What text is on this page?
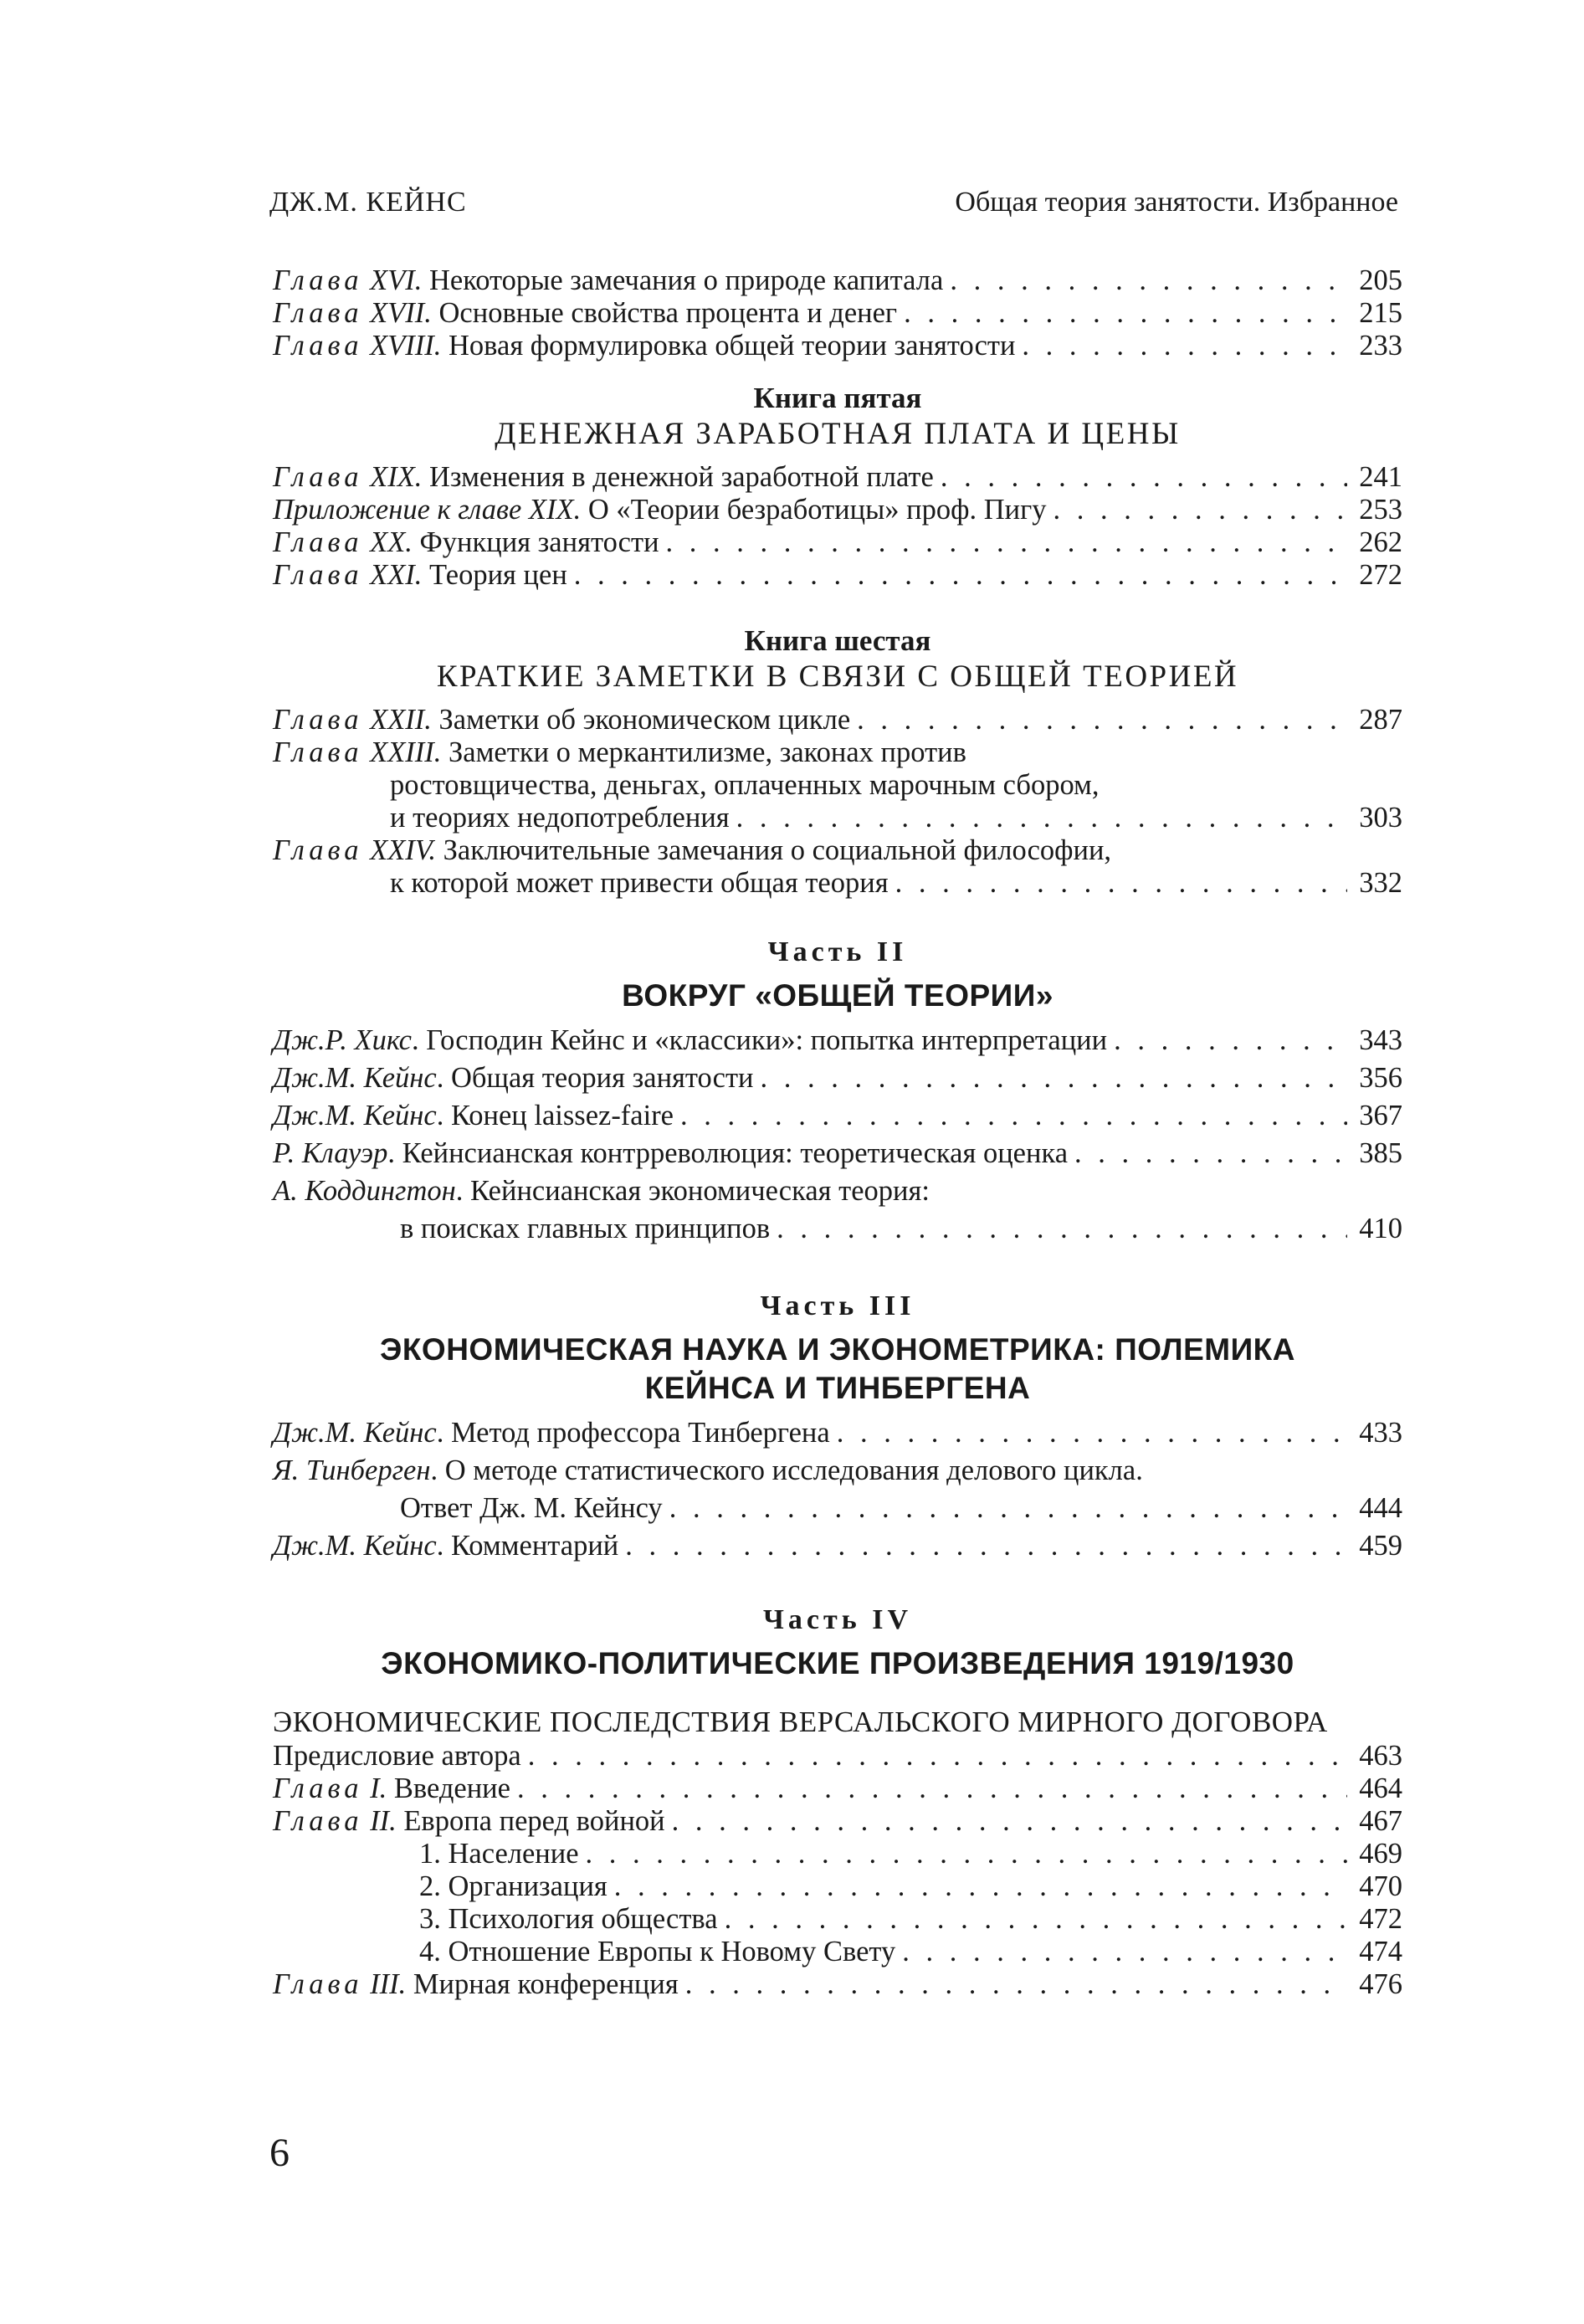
ДЖ.М. КЕЙНС	Общая теория занятости. Избранное
Глава XVI.
Некоторые замечания о природе капитала . . .	205
Глава XVII.
Основные свойства процента и денег . . .	215
Глава XVIII.
Новая формулировка общей теории занятости . . .	233
Книга пятая
ДЕНЕЖНАЯ ЗАРАБОТНАЯ ПЛАТА И ЦЕНЫ
Глава XIX.
Изменения в денежной заработной плате . . .	241
Приложение к главе XIX.
О «Теории безработицы» проф. Пигу . . .	253
Глава XX.
Функция занятости . . .	262
Глава XXI.
Теория цен . . .	272
Книга шестая
КРАТКИЕ ЗАМЕТКИ В СВЯЗИ С ОБЩЕЙ ТЕОРИЕЙ
Глава XXII.
Заметки об экономическом цикле . . .	287
Глава XXIII.
Заметки о меркантилизме, законах против
ростовщичества, деньгах, оплаченных марочным сбором,
и теориях недопотребления . . .	303
Глава XXIV.
Заключительные замечания о социальной философии,
к которой может привести общая теория . . .	332
Часть II
ВОКРУГ «ОБЩЕЙ ТЕОРИИ»
Дж.Р. Хикс . Господин Кейнс и «классики»: попытка интерпретации . . .	343
Дж.М. Кейнс . Общая теория занятости . . .	356
Дж.М. Кейнс . Конец laissez-faire . . .	367
Р. Клауэр . Кейнсианская контрреволюция: теоретическая оценка . . .	385
А. Коддингтон . Кейнсианская экономическая теория:
в поисках главных принципов . . .	410
Часть III
ЭКОНОМИЧЕСКАЯ НАУКА И ЭКОНОМЕТРИКА: ПОЛЕМИКА
КЕЙНСА И ТИНБЕРГЕНА
Дж.М. Кейнс . Метод профессора Тинбергена . . .	433
Я. Тинберген . О методе статистического исследования делового цикла.
Ответ Дж. М. Кейнсу . . .	444
Дж.М. Кейнс . Комментарий . . .	459
Часть IV
ЭКОНОМИКО-ПОЛИТИЧЕСКИЕ ПРОИЗВЕДЕНИЯ 1919/1930
ЭКОНОМИЧЕСКИЕ ПОСЛЕДСТВИЯ ВЕРСАЛЬСКОГО МИРНОГО ДОГОВОРА
Предисловие автора . . .	463
Глава I.
Введение . . .	464
Глава II.
Европа перед войной . . .	467
1. Население . . .	469
2. Организация . . .	470
3. Психология общества . . .	472
4. Отношение Европы к Новому Свету . . .	474
Глава III.
Мирная конференция . . .	476
6
